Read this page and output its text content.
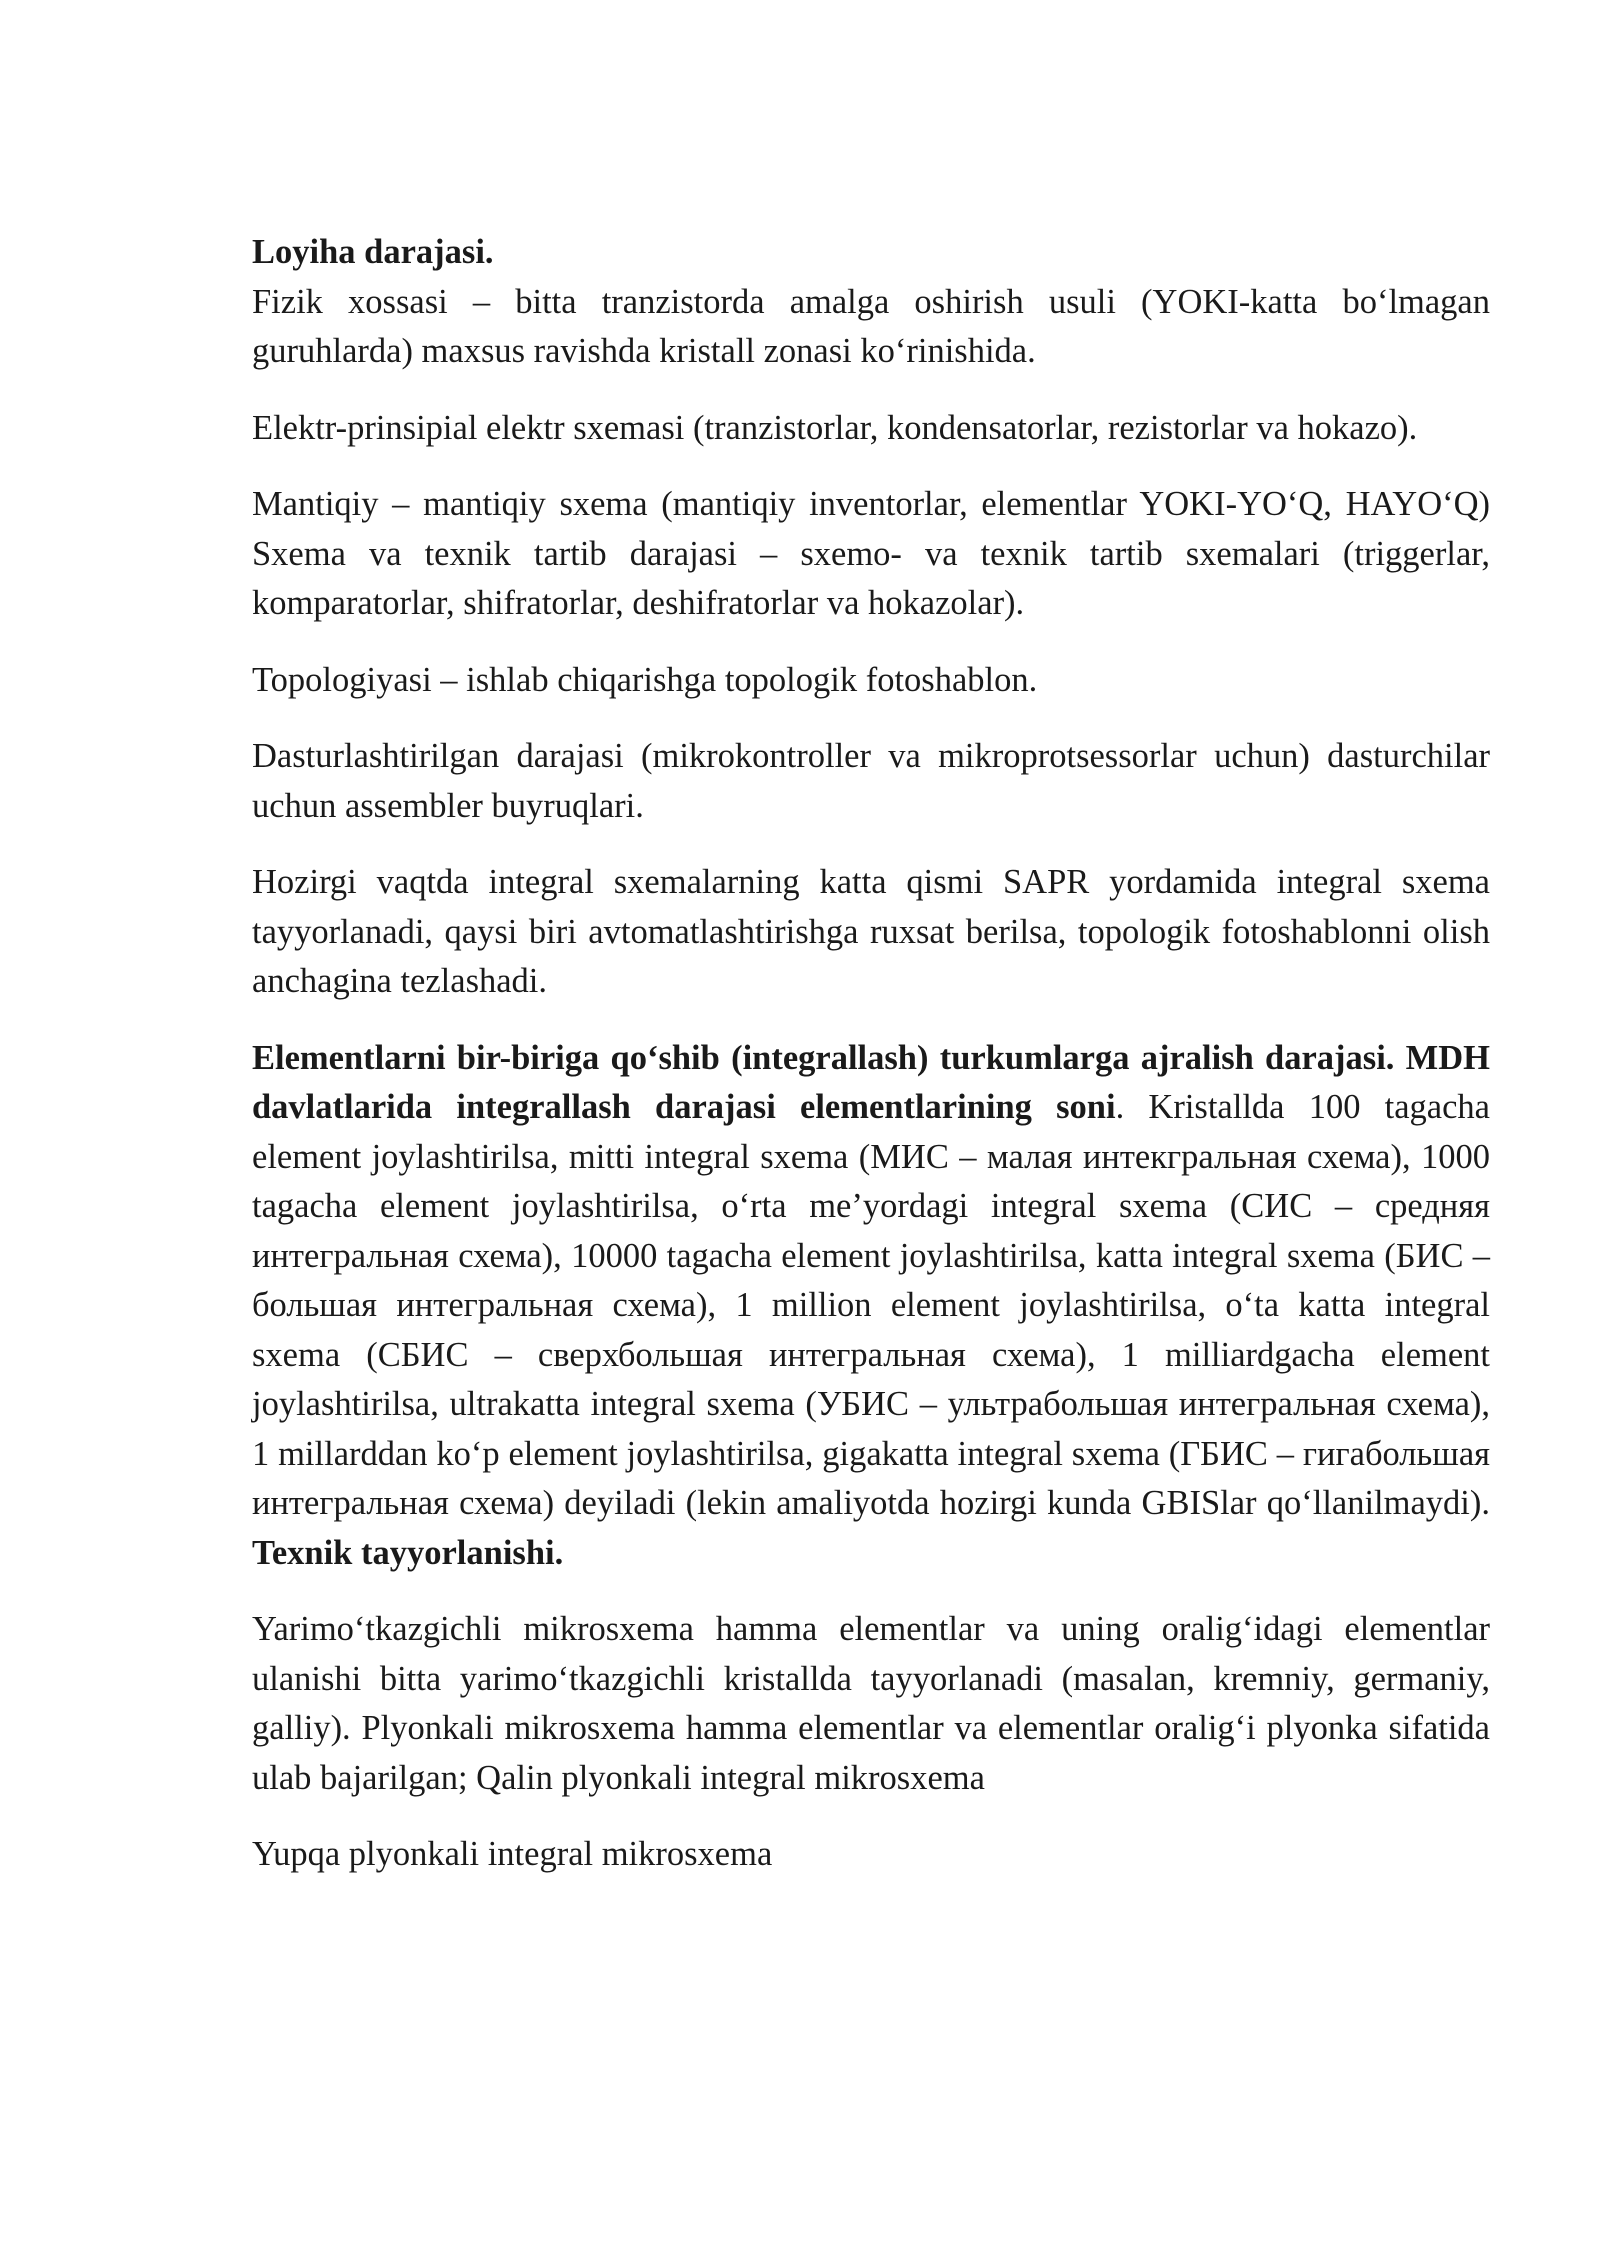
Loyiha darajasi.

Fizik xossasi – bitta tranzistorda amalga oshirish usuli (YOKI-katta bo‘lmagan guruhlarda) maxsus ravishda kristall zonasi ko‘rinishida.

Elektr-prinsipial elektr sxemasi (tranzistorlar, kondensatorlar, rezistorlar va hokazo).

Mantiqiy – mantiqiy sxema (mantiqiy inventorlar, elementlar YOKI-YO‘Q, HAYO‘Q) Sxema va texnik tartib darajasi – sxemo- va texnik tartib sxemalari (triggerlar, komparatorlar, shifratorlar, deshifratorlar va hokazolar).

Topologiyasi – ishlab chiqarishga topologik fotoshablon.

Dasturlashtirilgan darajasi (mikrokontroller va mikroprotsessorlar uchun) dasturchilar uchun assembler buyruqlari.

Hozirgi vaqtda integral sxemalarning katta qismi SAPR yordamida integral sxema tayyorlanadi, qaysi biri avtomatlashtirishga ruxsat berilsa, topologik fotoshablonni olish anchagina tezlashadi.

Elementlarni bir-biriga qo‘shib (integrallash) turkumlarga ajralish darajasi. MDH davlatlarida integrallash darajasi elementlarining soni. Kristallda 100 tagacha element joylashtirilsa, mitti integral sxema (МИС – малая интекгральная схема), 1000 tagacha element joylashtirilsa, o‘rta me’yordagi integral sxema (СИС – средняя интегральная схема), 10000 tagacha element joylashtirilsa, katta integral sxema (БИС – большая интегральная схема), 1 million element joylashtirilsa, o‘ta katta integral sxema (СБИС – сверхбольшая интегральная схема), 1 milliardgacha element joylashtirilsa, ultrakatta integral sxema (УБИС – ультрабольшая интегральная схема), 1 millarddan ko‘p element joylashtirilsa, gigakatta integral sxema (ГБИС – гигабольшая интегральная схема) deyiladi (lekin amaliyotda hozirgi kunda GBISlar qo‘llanilmaydi). Texnik tayyorlanishi.

Yarimo‘tkazgichli mikrosxema hamma elementlar va uning oralig‘idagi elementlar ulanishi bitta yarimo‘tkazgichli kristallda tayyorlanadi (masalan, kremniy, germaniy, galliy). Plyonkali mikrosxema hamma elementlar va elementlar oralig‘i plyonka sifatida ulab bajarilgan; Qalin plyonkali integral mikrosxema

Yupqa plyonkali integral mikrosxema
